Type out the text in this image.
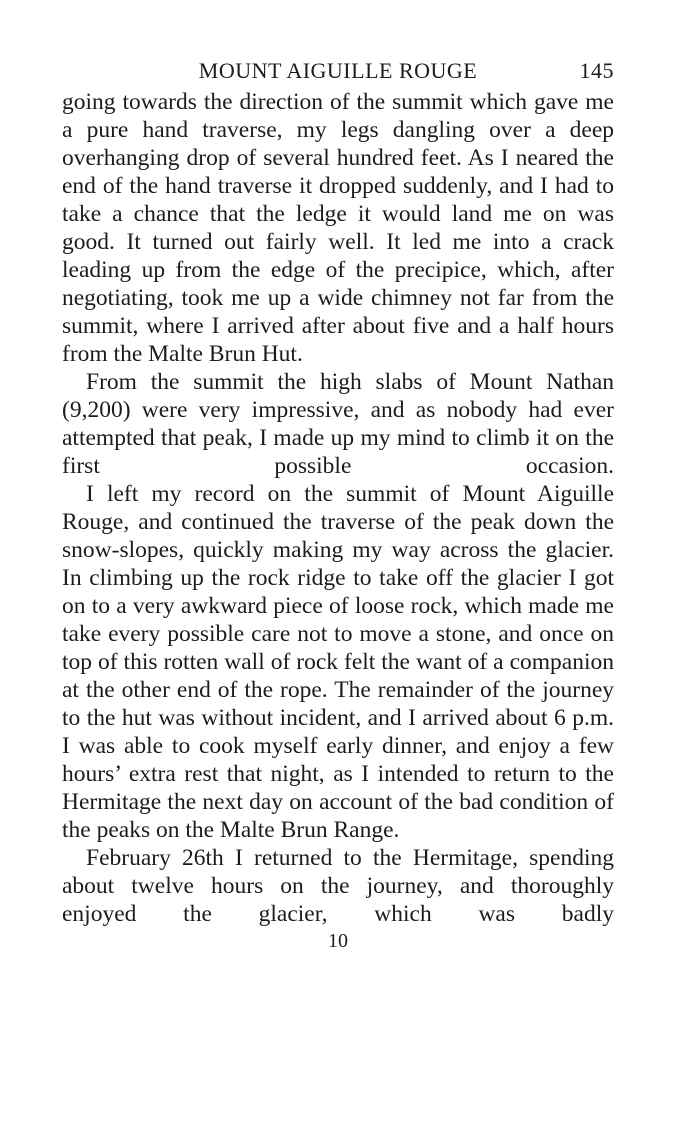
MOUNT AIGUILLE ROUGE	145

going towards the direction of the summit which gave me a pure hand traverse, my legs dangling over a deep overhanging drop of several hundred feet. As I neared the end of the hand traverse it dropped suddenly, and I had to take a chance that the ledge it would land me on was good. It turned out fairly well. It led me into a crack leading up from the edge of the precipice, which, after negotiating, took me up a wide chimney not far from the summit, where I arrived after about five and a half hours from the Malte Brun Hut.

From the summit the high slabs of Mount Nathan (9,200) were very impressive, and as nobody had ever attempted that peak, I made up my mind to climb it on the first possible occasion.

I left my record on the summit of Mount Aiguille Rouge, and continued the traverse of the peak down the snow-slopes, quickly making my way across the glacier. In climbing up the rock ridge to take off the glacier I got on to a very awkward piece of loose rock, which made me take every possible care not to move a stone, and once on top of this rotten wall of rock felt the want of a companion at the other end of the rope. The remainder of the journey to the hut was without incident, and I arrived about 6 p.m. I was able to cook myself early dinner, and enjoy a few hours’ extra rest that night, as I intended to return to the Hermitage the next day on account of the bad condition of the peaks on the Malte Brun Range.

February 26th I returned to the Hermitage, spending about twelve hours on the journey, and thoroughly enjoyed the glacier, which was badly

10
